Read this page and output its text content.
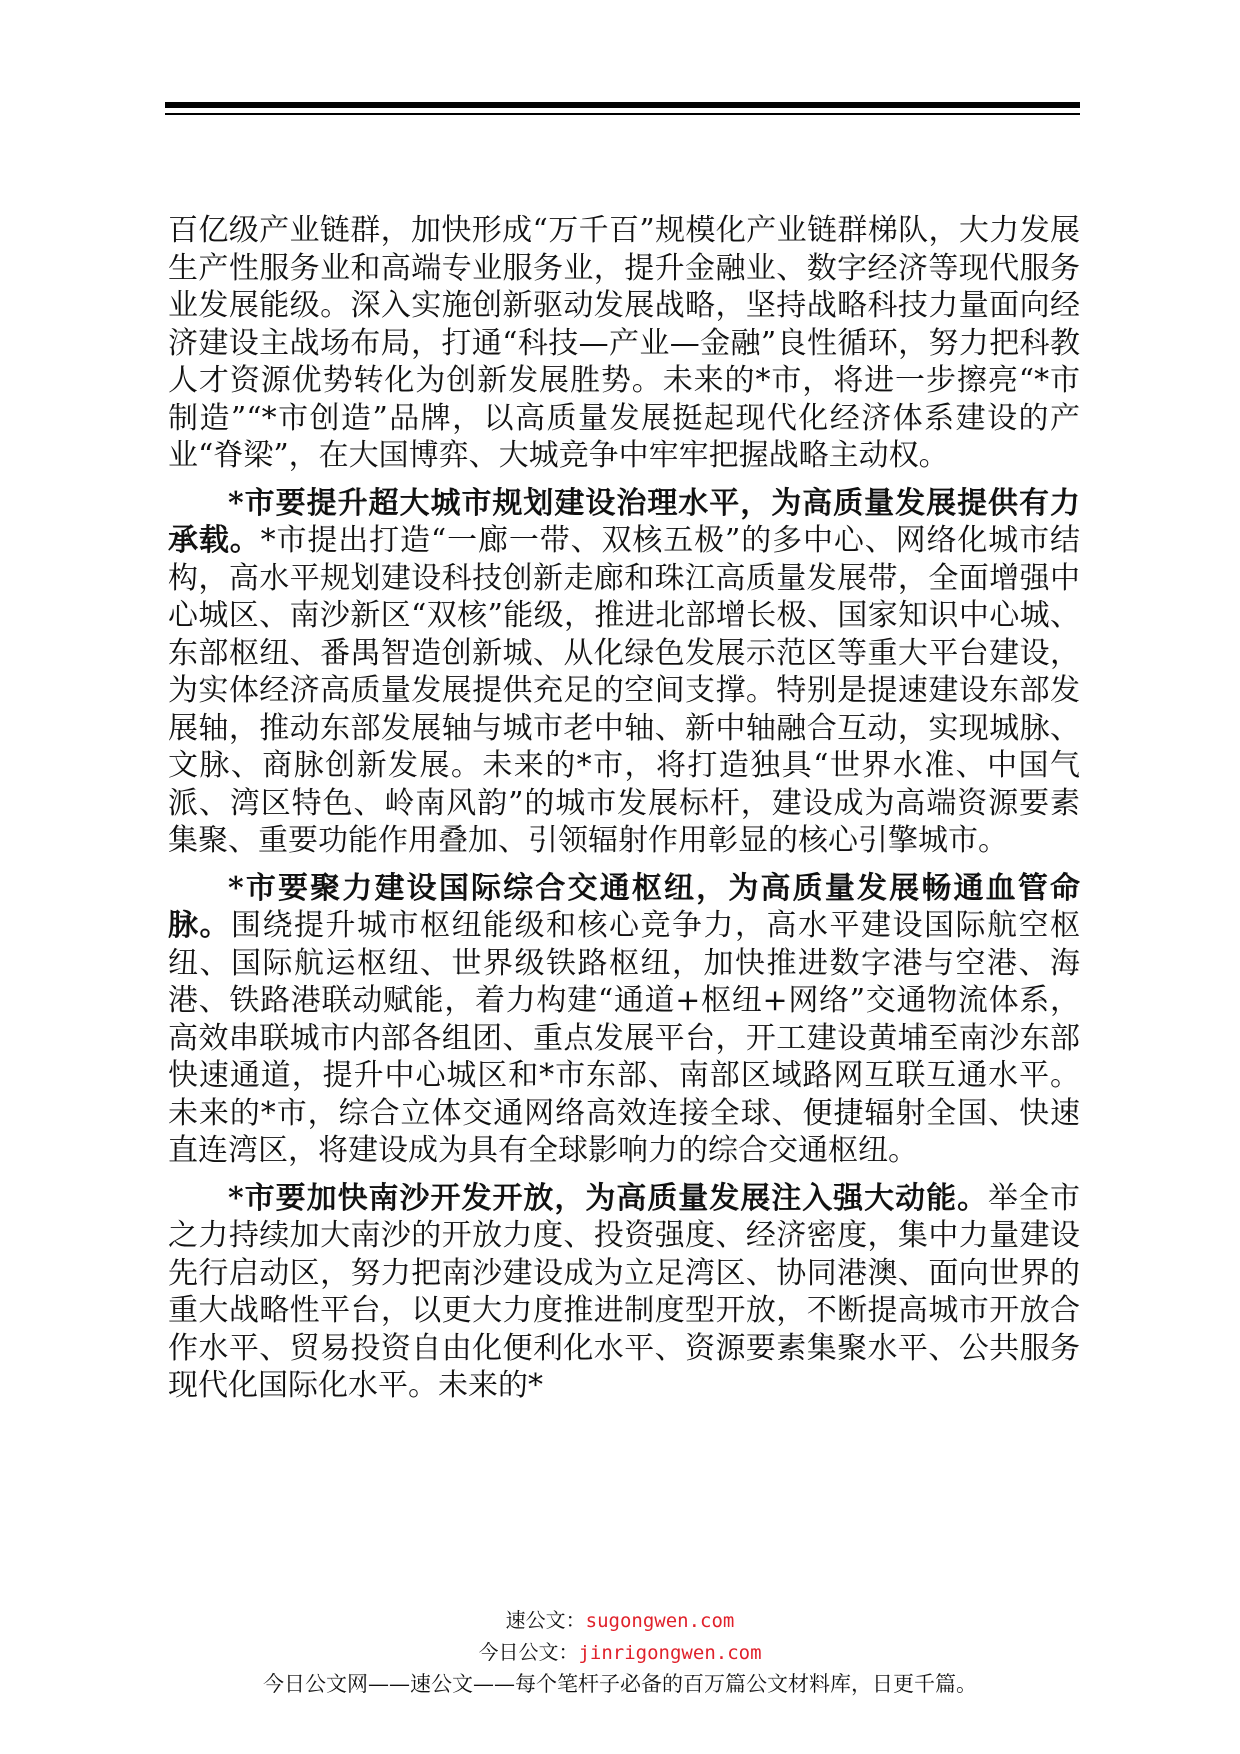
百亿级产业链群，加快形成“万千百”规模化产业链群梯队，大力发展生产性服务业和高端专业服务业，提升金融业、数字经济等现代服务业发展能级。深入实施创新驱动发展战略，坚持战略科技力量面向经济建设主战场布局，打通“科技—产业—金融”良性循环，努力把科教人才资源优势转化为创新发展胜势。未来的*市，将进一步擦亮“*市制造”“*市创造”品牌，以高质量发展挺起现代化经济体系建设的产业“脊梁”，在大国博弈、大城竞争中牢牢把握战略主动权。

*市要提升超大城市规划建设治理水平，为高质量发展提供有力承载。*市提出打造“一廊一带、双核五极”的多中心、网络化城市结构，高水平规划建设科技创新走廊和珠江高质量发展带，全面增强中心城区、南沙新区“双核”能级，推进北部增长极、国家知识中心城、东部枢纽、番禺智造创新城、从化绿色发展示范区等重大平台建设，为实体经济高质量发展提供充足的空间支撑。特别是提速建设东部发展轴，推动东部发展轴与城市老中轴、新中轴融合互动，实现城脉、文脉、商脉创新发展。未来的*市，将打造独具“世界水准、中国气派、湾区特色、岭南风韵”的城市发展标杆，建设成为高端资源要素集聚、重要功能作用叠加、引领辐射作用彰显的核心引擎城市。

*市要聚力建设国际综合交通枢纽，为高质量发展畅通血管命脉。围绕提升城市枢纽能级和核心竞争力，高水平建设国际航空枢纽、国际航运枢纽、世界级铁路枢纽，加快推进数字港与空港、海港、铁路港联动赋能，着力构建“通道+枢纽+网络”交通物流体系，高效串联城市内部各组团、重点发展平台，开工建设黄埔至南沙东部快速通道，提升中心城区和*市东部、南部区域路网互联互通水平。未来的*市，综合立体交通网络高效连接全球、便捷辐射全国、快速直连湾区，将建设成为具有全球影响力的综合交通枢纽。

*市要加快南沙开发开放，为高质量发展注入强大动能。举全市之力持续加大南沙的开放力度、投资强度、经济密度，集中力量建设先行启动区，努力把南沙建设成为立足湾区、协同港澳、面向世界的重大战略性平台，以更大力度推进制度型开放，不断提高城市开放合作水平、贸易投资自由化便利化水平、资源要素集聚水平、公共服务现代化国际化水平。未来的*

速公文：sugongwen.com
今日公文：jinrigongwen.com
今日公文网——速公文——每个笔杆子必备的百万篇公文材料库，日更千篇。
